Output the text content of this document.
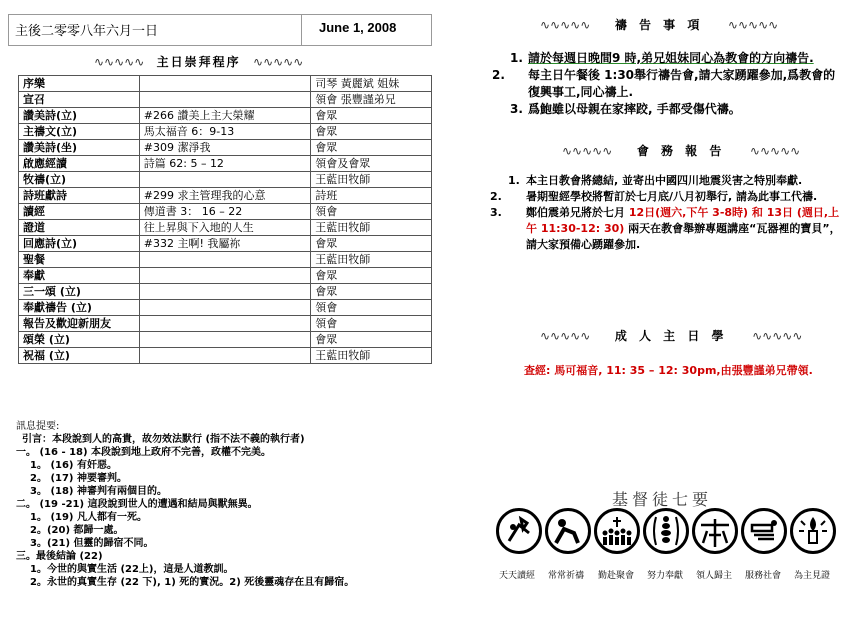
主後二零零八年六月一日	June 1, 2008
∿∿∿∿∿ 主日崇拜程序 ∿∿∿∿∿
序樂		司琴 黃麗斌 姐妹
宣召		領會 張豐謹弟兄
讚美詩(立)	#266 讚美上主大榮耀	會眾
主禱文(立)	馬太福音 6：9-13	會眾
讚美詩(坐)	#309 潔淨我	會眾
啟應經讀	詩篇 62: 5 – 12	領會及會眾
牧禱(立)		王藍田牧師
詩班獻詩	#299 求主管理我的心意	詩班
讀經	傳道書 3： 16 – 22	領會
證道	往上昇與下入地的人生	王藍田牧師
回應詩(立)	#332 主啊! 我屬祢	會眾
聖餐		王藍田牧師
奉獻		會眾
三一頌 (立)		會眾
奉獻禱告 (立)		領會
報告及歡迎新朋友		領會
頌榮 (立)		會眾
祝福 (立)		王藍田牧師
訊息提要:
引言：本段說到人的高貴，故勿效法默行 (指不法不義的執行者)
一。 (16 - 18) 本段說到地上政府不完善，政權不完美。
1。 (16) 有奸惡。
2。 (17) 神要審判。
3。 (18) 神審判有兩個目的。
二。 (19 -21) 這段說到世人的遭遇和結局與獸無異。
1。 (19) 凡人都有一死。
2。(20) 都歸一處。
3。(21) 但靈的歸宿不同。
三。最後結論 (22)
1。今世的與實生活 (22上)，這是人道教訓。
2。永世的真實生存 (22 下), 1) 死的實況。2) 死後靈魂存在且有歸宿。
∿∿∿∿∿ 禱 告 事 項 ∿∿∿∿∿
1. 請於每週日晚間9 時,弟兄姐妹同心為教會的方向禱告.
2. 每主日午餐後 1:30舉行禱告會,請大家踴躍參加,爲教會的復興事工,同心禱上.
3. 爲鮑雖以母親在家摔跤, 手都受傷代禱。
∿∿∿∿∿ 會 務 報 告 ∿∿∿∿∿
1. 本主日教會將總結, 並寄出中國四川地震災害之特別奉獻.
2. 暑期聖經學校將暫訂於七月底/八月初舉行, 請為此事工代禱.
3. 鄭伯震弟兄將於七月 12日(週六,下午 3-8時) 和 13日 (週日,上午 11:30-12: 30) 兩天在教會舉辦專題講座“瓦器裡的寶貝”，請大家預備心踴躍參加.
∿∿∿∿∿ 成 人 主 日 學 ∿∿∿∿∿
查經: 馬可福音, 11: 35 – 12: 30pm,由張豐謹弟兄帶領.
基督徒七要
天天讀經 常常祈禱 勤赴聚會 努力奉獻 領人歸主 服務社會 為主見證
